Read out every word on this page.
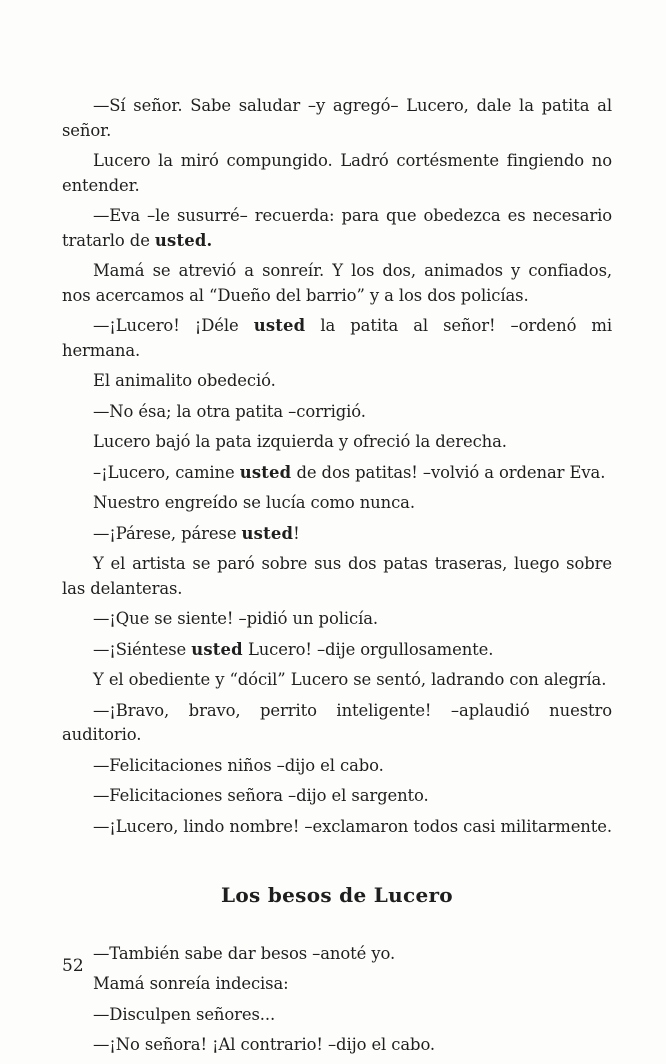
—Sí señor. Sabe saludar –y agregó– Lucero, dale la patita al señor.

Lucero la miró compungido. Ladró cortésmente fingiendo no entender.

—Eva –le susurré– recuerda: para que obedezca es necesario tratarlo de usted.

Mamá se atrevió a sonreír. Y los dos, animados y confiados, nos acercamos al “Dueño del barrio” y a los dos policías.

—¡Lucero! ¡Déle usted la patita al señor! –ordenó mi hermana.

El animalito obedeció.

—No ésa; la otra patita –corrigió.

Lucero bajó la pata izquierda y ofreció la derecha.

–¡Lucero, camine usted de dos patitas! –volvió a ordenar Eva.

Nuestro engreído se lucía como nunca.

—¡Párese, párese usted!

Y el artista se paró sobre sus dos patas traseras, luego sobre las delanteras.

—¡Que se siente! –pidió un policía.

—¡Siéntese usted Lucero! –dije orgullosamente.

Y el obediente y “dócil” Lucero se sentó, ladrando con alegría.

—¡Bravo, bravo, perrito inteligente! –aplaudió nuestro auditorio.

—Felicitaciones niños –dijo el cabo.

—Felicitaciones señora –dijo el sargento.

—¡Lucero, lindo nombre! –exclamaron todos casi militarmente.

Los besos de Lucero

—También sabe dar besos –anoté yo.

Mamá sonreía indecisa:

—Disculpen señores...

—¡No señora! ¡Al contrario! –dijo el cabo.

52
